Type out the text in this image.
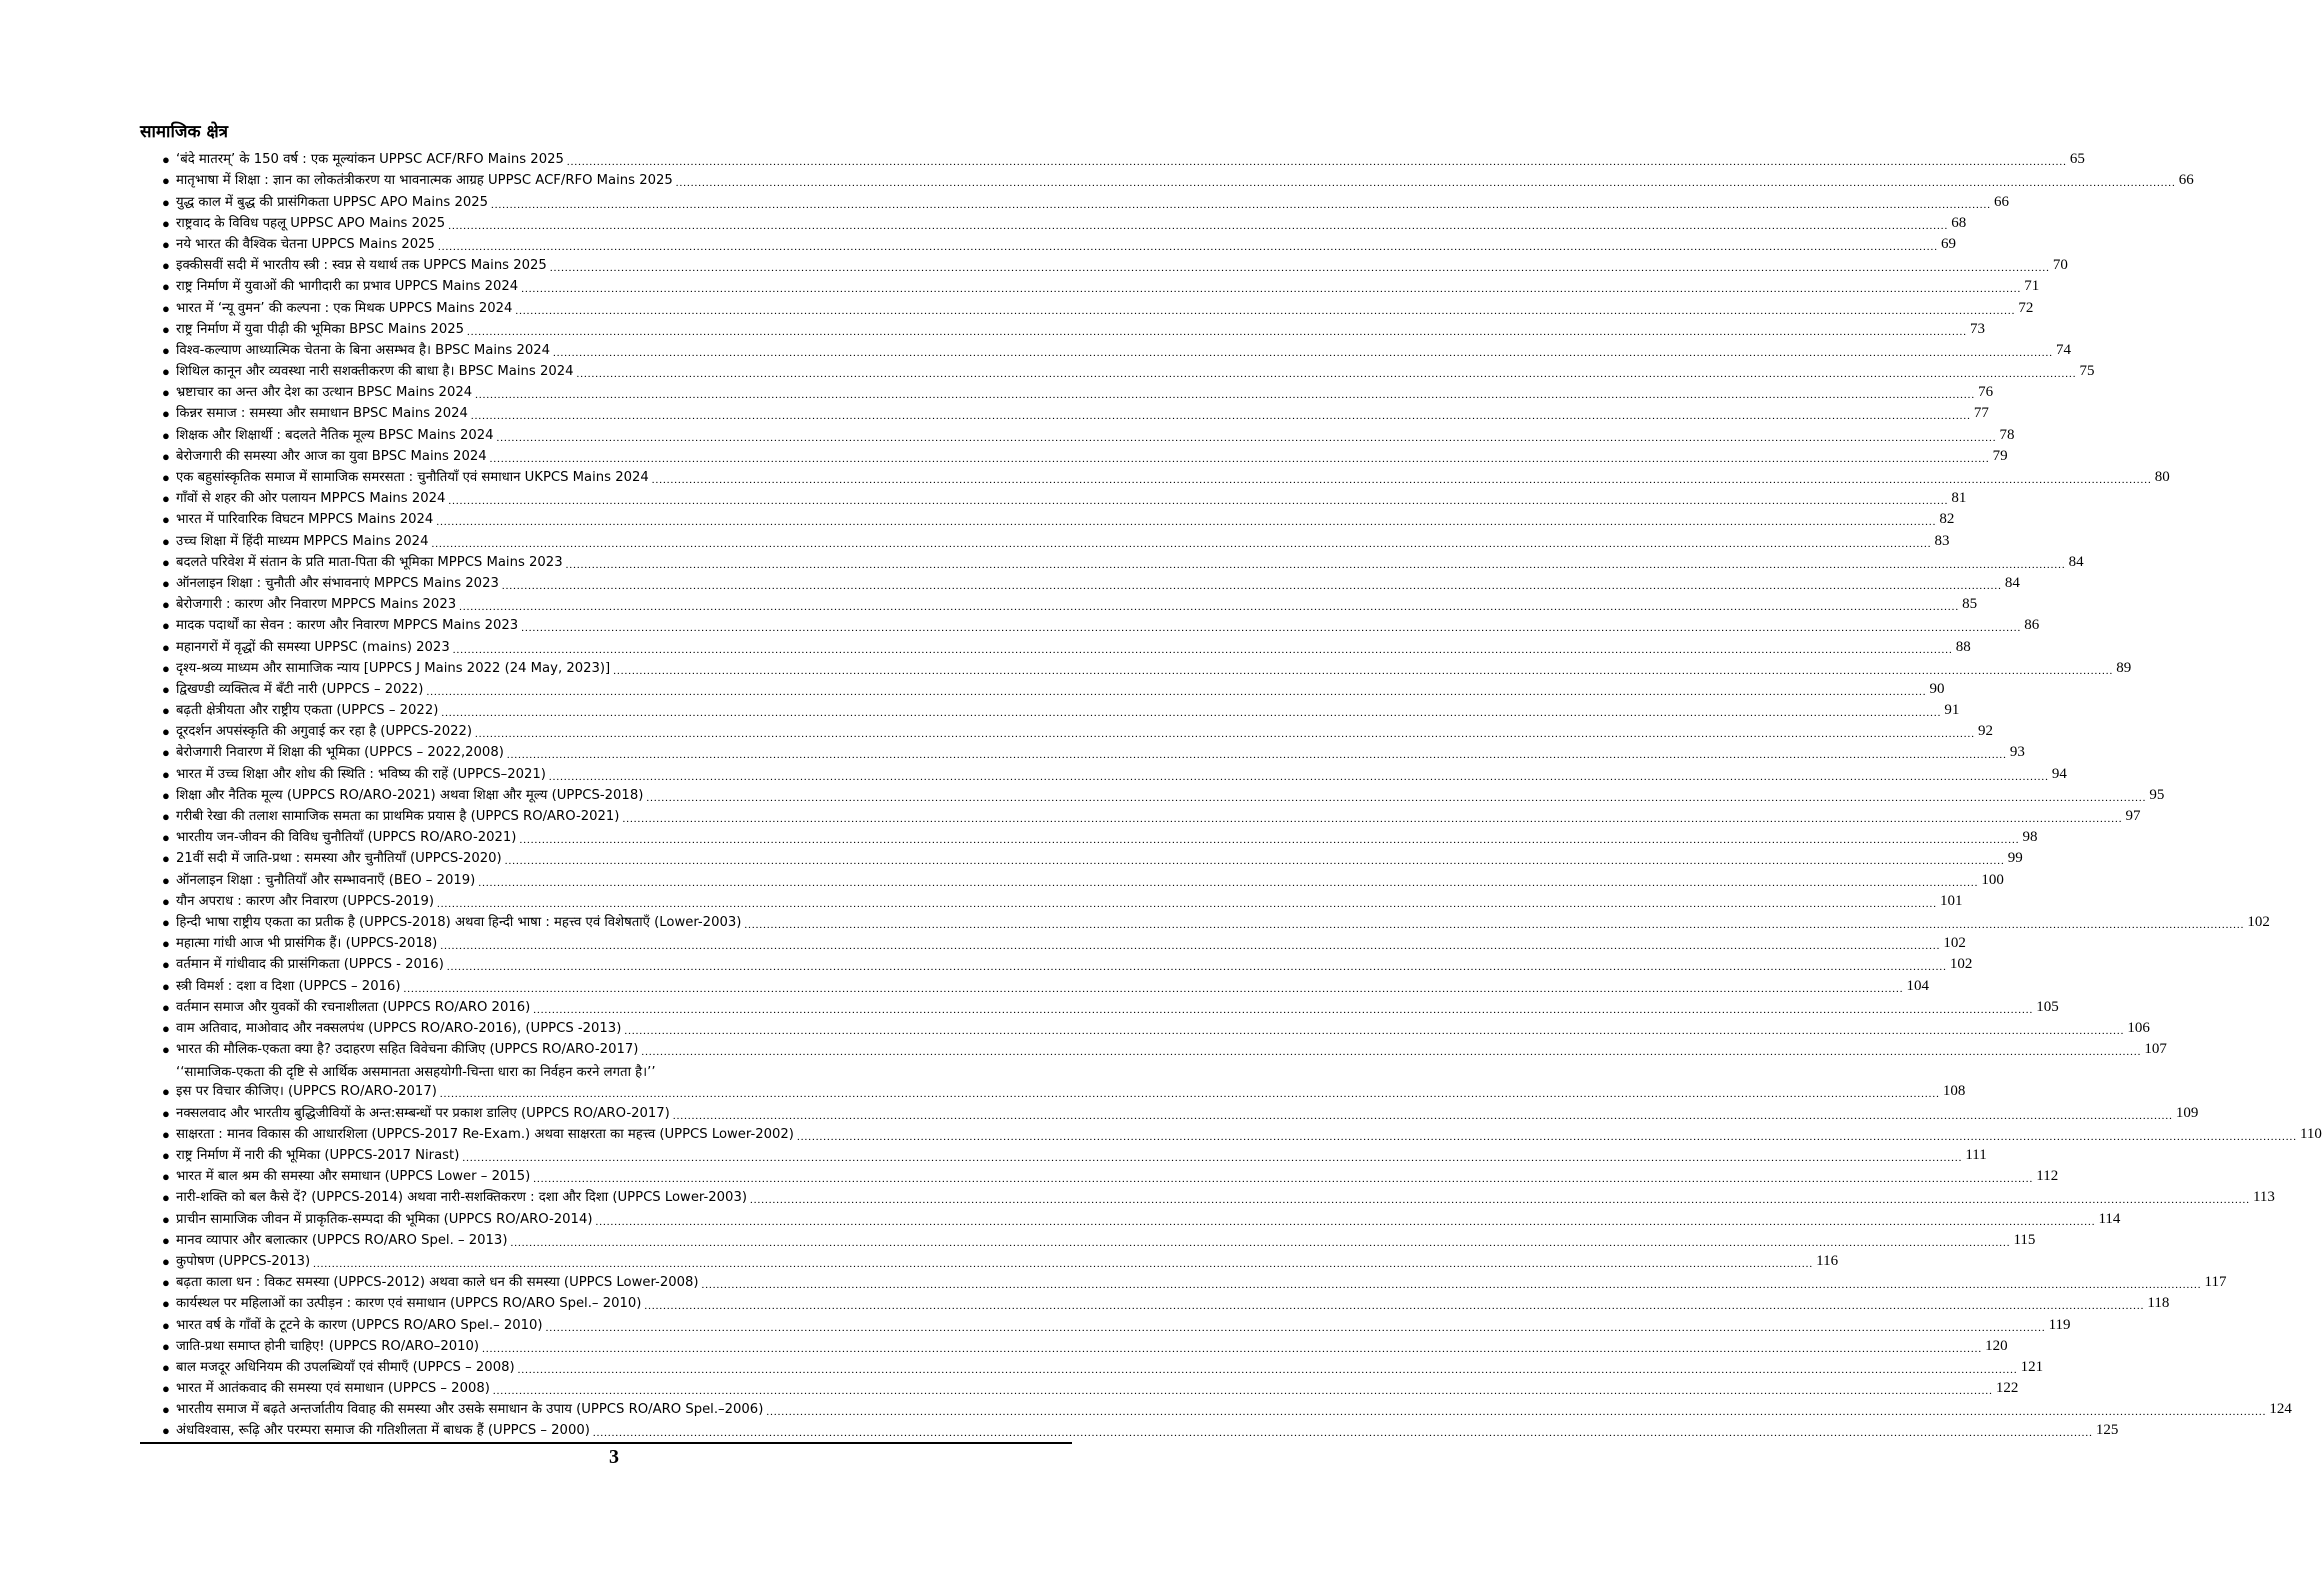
सामाजिक क्षेत्र
● ‘बंदे मातरम्’ के 150 वर्ष : एक मूल्यांकन UPPSC ACF/RFO Mains 2025 ................................................................................................................................................................................................................................................................................................................................................................................................................ 65
● मातृभाषा में शिक्षा : ज्ञान का लोकतंत्रीकरण या भावनात्मक आग्रह UPPSC ACF/RFO Mains 2025 ................................................................................................................................................................................................................................................................................................................................................................................................................ 66
● युद्ध काल में बुद्ध की प्रासंगिकता UPPSC APO Mains 2025 ................................................................................................................................................................................................................................................................................................................................................................................................................ 66
● राष्ट्रवाद के विविध पहलू UPPSC APO Mains 2025 ................................................................................................................................................................................................................................................................................................................................................................................................................ 68
● नये भारत की वैश्विक चेतना UPPCS Mains 2025 ................................................................................................................................................................................................................................................................................................................................................................................................................ 69
● इक्कीसवीं सदी में भारतीय स्त्री : स्वप्न से यथार्थ तक UPPCS Mains 2025 ................................................................................................................................................................................................................................................................................................................................................................................................................ 70
● राष्ट्र निर्माण में युवाओं की भागीदारी का प्रभाव UPPCS Mains 2024 ................................................................................................................................................................................................................................................................................................................................................................................................................ 71
● भारत में ‘न्यू वुमन’ की कल्पना : एक मिथक UPPCS Mains 2024 ................................................................................................................................................................................................................................................................................................................................................................................................................ 72
● राष्ट्र निर्माण में युवा पीढ़ी की भूमिका BPSC Mains 2025 ................................................................................................................................................................................................................................................................................................................................................................................................................ 73
● विश्व-कल्याण आध्यात्मिक चेतना के बिना असम्भव है। BPSC Mains 2024 ................................................................................................................................................................................................................................................................................................................................................................................................................ 74
● शिथिल कानून और व्यवस्था नारी सशक्तीकरण की बाधा है। BPSC Mains 2024 ................................................................................................................................................................................................................................................................................................................................................................................................................ 75
● भ्रष्टाचार का अन्त और देश का उत्थान BPSC Mains 2024 ................................................................................................................................................................................................................................................................................................................................................................................................................ 76
● किन्नर समाज : समस्या और समाधान BPSC Mains 2024 ................................................................................................................................................................................................................................................................................................................................................................................................................ 77
● शिक्षक और शिक्षार्थी : बदलते नैतिक मूल्य BPSC Mains 2024 ................................................................................................................................................................................................................................................................................................................................................................................................................ 78
● बेरोजगारी की समस्या और आज का युवा BPSC Mains 2024 ................................................................................................................................................................................................................................................................................................................................................................................................................ 79
● एक बहुसांस्कृतिक समाज में सामाजिक समरसता : चुनौतियाँ एवं समाधान UKPCS Mains 2024 ................................................................................................................................................................................................................................................................................................................................................................................................................ 80
● गाँवों से शहर की ओर पलायन MPPCS Mains 2024 ................................................................................................................................................................................................................................................................................................................................................................................................................ 81
● भारत में पारिवारिक विघटन MPPCS Mains 2024 ................................................................................................................................................................................................................................................................................................................................................................................................................ 82
● उच्च शिक्षा में हिंदी माध्यम MPPCS Mains 2024 ................................................................................................................................................................................................................................................................................................................................................................................................................ 83
● बदलते परिवेश में संतान के प्रति माता-पिता की भूमिका MPPCS Mains 2023 ................................................................................................................................................................................................................................................................................................................................................................................................................ 84
● ऑनलाइन शिक्षा : चुनौती और संभावनाएं MPPCS Mains 2023 ................................................................................................................................................................................................................................................................................................................................................................................................................ 84
● बेरोजगारी : कारण और निवारण MPPCS Mains 2023 ................................................................................................................................................................................................................................................................................................................................................................................................................ 85
● मादक पदार्थों का सेवन : कारण और निवारण MPPCS Mains 2023 ................................................................................................................................................................................................................................................................................................................................................................................................................ 86
● महानगरों में वृद्धों की समस्या UPPSC (mains) 2023 ................................................................................................................................................................................................................................................................................................................................................................................................................ 88
● दृश्य-श्रव्य माध्यम और सामाजिक न्याय [UPPCS J Mains 2022 (24 May, 2023)] ................................................................................................................................................................................................................................................................................................................................................................................................................ 89
● द्विखण्डी व्यक्तित्व में बँटी नारी (UPPCS – 2022) ................................................................................................................................................................................................................................................................................................................................................................................................................ 90
● बढ़ती क्षेत्रीयता और राष्ट्रीय एकता (UPPCS – 2022) ................................................................................................................................................................................................................................................................................................................................................................................................................ 91
● दूरदर्शन अपसंस्कृति की अगुवाई कर रहा है (UPPCS-2022) ................................................................................................................................................................................................................................................................................................................................................................................................................ 92
● बेरोजगारी निवारण में शिक्षा की भूमिका (UPPCS – 2022,2008) ................................................................................................................................................................................................................................................................................................................................................................................................................ 93
● भारत में उच्च शिक्षा और शोध की स्थिति : भविष्य की राहें (UPPCS–2021) ................................................................................................................................................................................................................................................................................................................................................................................................................ 94
● शिक्षा और नैतिक मूल्य (UPPCS RO/ARO-2021) अथवा शिक्षा और मूल्य (UPPCS-2018) ................................................................................................................................................................................................................................................................................................................................................................................................................ 95
● गरीबी रेखा की तलाश सामाजिक समता का प्राथमिक प्रयास है (UPPCS RO/ARO-2021) ................................................................................................................................................................................................................................................................................................................................................................................................................ 97
● भारतीय जन-जीवन की विविध चुनौतियाँ (UPPCS RO/ARO-2021) ................................................................................................................................................................................................................................................................................................................................................................................................................ 98
● 21वीं सदी में जाति-प्रथा : समस्या और चुनौतियाँ (UPPCS-2020) ................................................................................................................................................................................................................................................................................................................................................................................................................ 99
● ऑनलाइन शिक्षा : चुनौतियाँ और सम्भावनाएँ (BEO – 2019) ................................................................................................................................................................................................................................................................................................................................................................................................................ 100
● यौन अपराध : कारण और निवारण (UPPCS-2019) ................................................................................................................................................................................................................................................................................................................................................................................................................ 101
● हिन्दी भाषा राष्ट्रीय एकता का प्रतीक है (UPPCS-2018) अथवा हिन्दी भाषा : महत्त्व एवं विशेषताएँ (Lower-2003) ................................................................................................................................................................................................................................................................................................................................................................................................................ 102
● महात्मा गांधी आज भी प्रासंगिक हैं। (UPPCS-2018) ................................................................................................................................................................................................................................................................................................................................................................................................................ 102
● वर्तमान में गांधीवाद की प्रासंगिकता (UPPCS - 2016) ................................................................................................................................................................................................................................................................................................................................................................................................................ 102
● स्त्री विमर्श : दशा व दिशा (UPPCS – 2016) ................................................................................................................................................................................................................................................................................................................................................................................................................ 104
● वर्तमान समाज और युवकों की रचनाशीलता (UPPCS RO/ARO 2016) ................................................................................................................................................................................................................................................................................................................................................................................................................ 105
● वाम अतिवाद, माओवाद और नक्सलपंथ (UPPCS RO/ARO-2016), (UPPCS -2013) ................................................................................................................................................................................................................................................................................................................................................................................................................ 106
● भारत की मौलिक-एकता क्या है? उदाहरण सहित विवेचना कीजिए (UPPCS RO/ARO-2017) ................................................................................................................................................................................................................................................................................................................................................................................................................ 107
●
‘‘सामाजिक-एकता की दृष्टि से आर्थिक असमानता असहयोगी-चिन्ता धारा का निर्वहन करने लगता है।’’
इस पर विचार कीजिए। (UPPCS RO/ARO-2017) ................................................................................................................................................................................................................................................................................................................................................................................................................ 108
● नक्सलवाद और भारतीय बुद्धिजीवियों के अन्त:सम्बन्धों पर प्रकाश डालिए (UPPCS RO/ARO-2017) ................................................................................................................................................................................................................................................................................................................................................................................................................ 109
● साक्षरता : मानव विकास की आधारशिला (UPPCS-2017 Re-Exam.) अथवा साक्षरता का महत्त्व (UPPCS Lower-2002) ................................................................................................................................................................................................................................................................................................................................................................................................................ 110
● राष्ट्र निर्माण में नारी की भूमिका (UPPCS-2017 Nirast) ................................................................................................................................................................................................................................................................................................................................................................................................................ 111
● भारत में बाल श्रम की समस्या और समाधान (UPPCS Lower – 2015) ................................................................................................................................................................................................................................................................................................................................................................................................................ 112
● नारी-शक्ति को बल कैसे दें? (UPPCS-2014) अथवा नारी-सशक्तिकरण : दशा और दिशा (UPPCS Lower-2003) ................................................................................................................................................................................................................................................................................................................................................................................................................ 113
● प्राचीन सामाजिक जीवन में प्राकृतिक-सम्पदा की भूमिका (UPPCS RO/ARO-2014) ................................................................................................................................................................................................................................................................................................................................................................................................................ 114
● मानव व्यापार और बलात्कार (UPPCS RO/ARO Spel. – 2013) ................................................................................................................................................................................................................................................................................................................................................................................................................ 115
● कुपोषण (UPPCS-2013) ................................................................................................................................................................................................................................................................................................................................................................................................................ 116
● बढ़ता काला धन : विकट समस्या (UPPCS-2012) अथवा काले धन की समस्या (UPPCS Lower-2008) ................................................................................................................................................................................................................................................................................................................................................................................................................ 117
● कार्यस्थल पर महिलाओं का उत्पीड़न : कारण एवं समाधान (UPPCS RO/ARO Spel.– 2010) ................................................................................................................................................................................................................................................................................................................................................................................................................ 118
● भारत वर्ष के गाँवों के टूटने के कारण (UPPCS RO/ARO Spel.– 2010) ................................................................................................................................................................................................................................................................................................................................................................................................................ 119
● जाति-प्रथा समाप्त होनी चाहिए! (UPPCS RO/ARO–2010) ................................................................................................................................................................................................................................................................................................................................................................................................................ 120
● बाल मजदूर अधिनियम की उपलब्धियाँ एवं सीमाएँ (UPPCS – 2008) ................................................................................................................................................................................................................................................................................................................................................................................................................ 121
● भारत में आतंकवाद की समस्या एवं समाधान (UPPCS – 2008) ................................................................................................................................................................................................................................................................................................................................................................................................................ 122
● भारतीय समाज में बढ़ते अन्तर्जातीय विवाह की समस्या और उसके समाधान के उपाय (UPPCS RO/ARO Spel.–2006) ................................................................................................................................................................................................................................................................................................................................................................................................................ 124
● अंधविश्वास, रूढ़ि और परम्परा समाज की गतिशीलता में बाधक हैं (UPPCS – 2000) ................................................................................................................................................................................................................................................................................................................................................................................................................ 125
3
